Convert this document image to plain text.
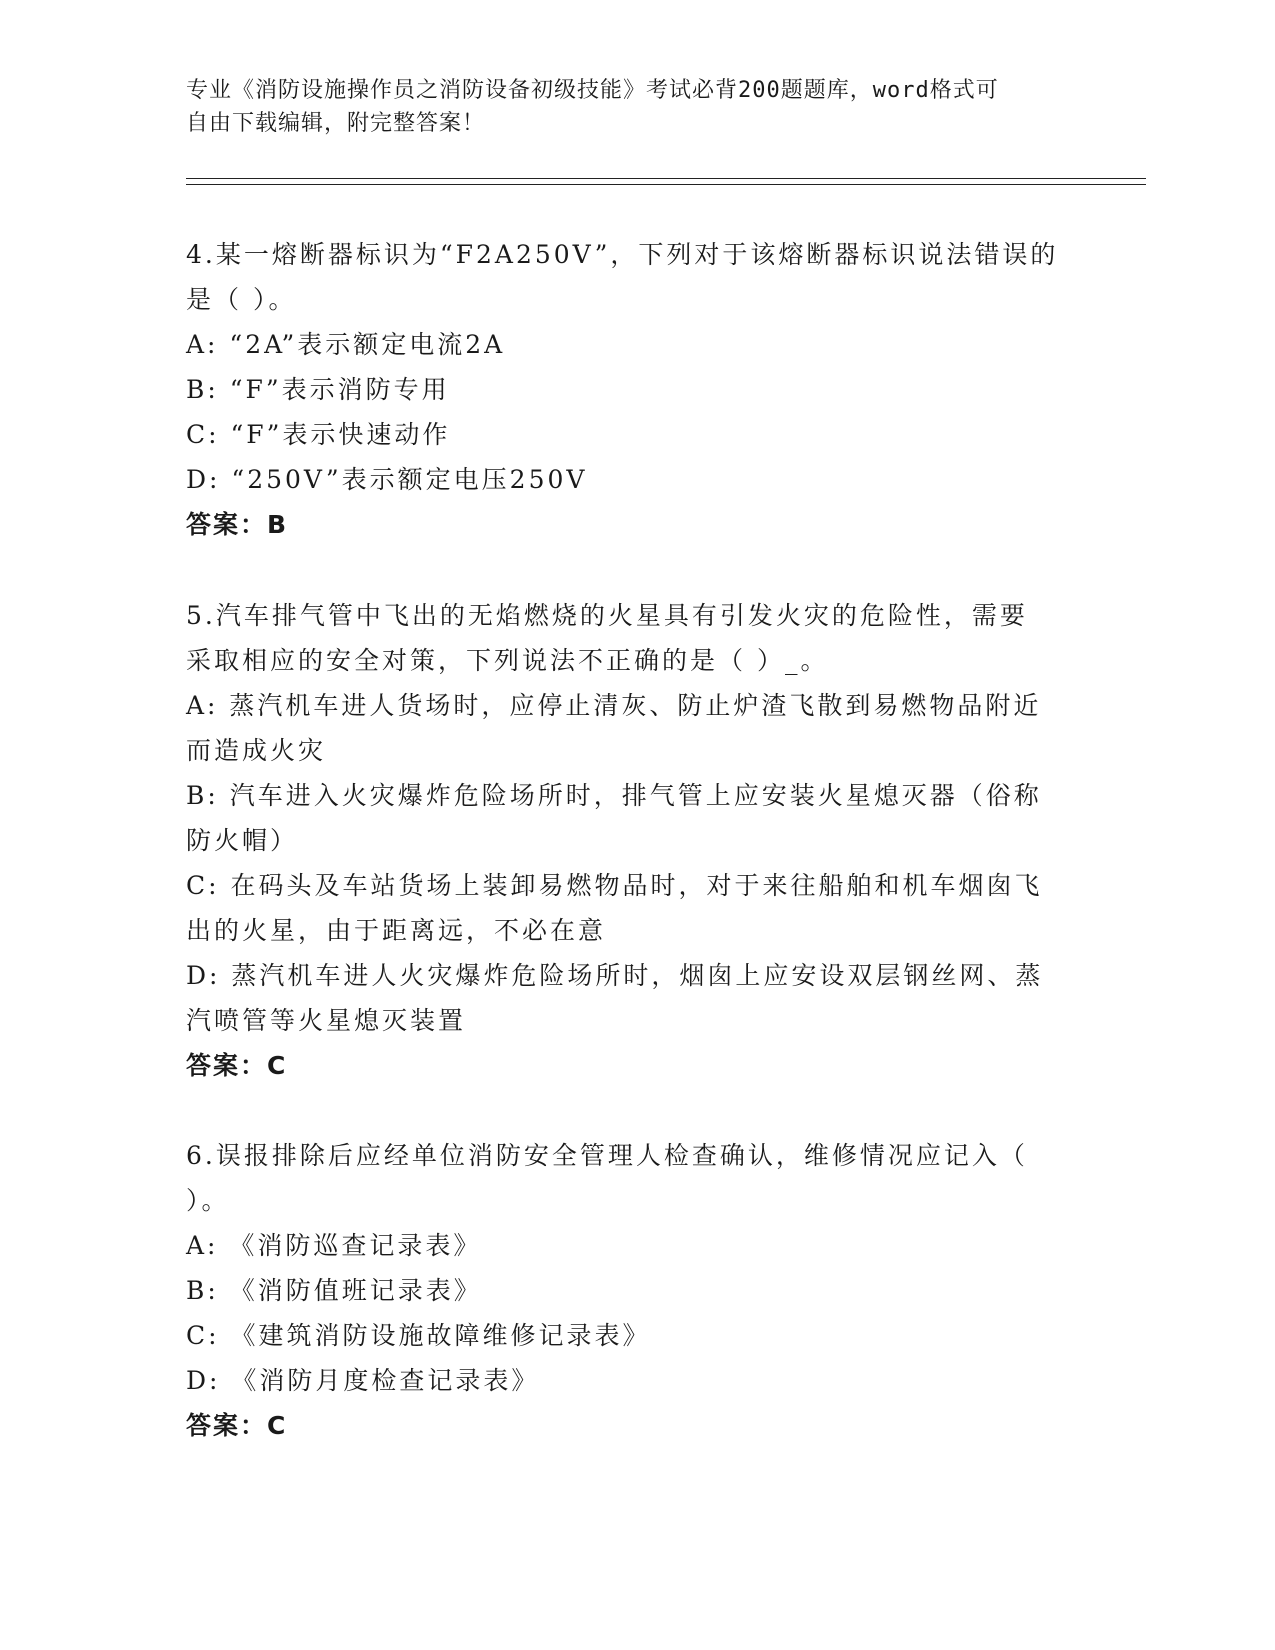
专业《消防设施操作员之消防设备初级技能》考试必背200题题库，word格式可
自由下载编辑，附完整答案！
4.某一熔断器标识为“F2A250V”，下列对于该熔断器标识说法错误的
是（ ）。
A: “2A”表示额定电流2A
B: “F”表示消防专用
C: “F”表示快速动作
D: “250V”表示额定电压250V
答案：B
5.汽车排气管中飞出的无焰燃烧的火星具有引发火灾的危险性，需要
采取相应的安全对策，下列说法不正确的是（ ）_。
A: 蒸汽机车进人货场时，应停止清灰、防止炉渣飞散到易燃物品附近
而造成火灾
B: 汽车进入火灾爆炸危险场所时，排气管上应安装火星熄灭器（俗称
防火帽）
C: 在码头及车站货场上装卸易燃物品时，对于来往船舶和机车烟囱飞
出的火星，由于距离远，不必在意
D: 蒸汽机车进人火灾爆炸危险场所时，烟囱上应安设双层钢丝网、蒸
汽喷管等火星熄灭装置
答案：C
6.误报排除后应经单位消防安全管理人检查确认，维修情况应记入（
）。
A: 《消防巡查记录表》
B: 《消防值班记录表》
C: 《建筑消防设施故障维修记录表》
D: 《消防月度检查记录表》
答案：C
